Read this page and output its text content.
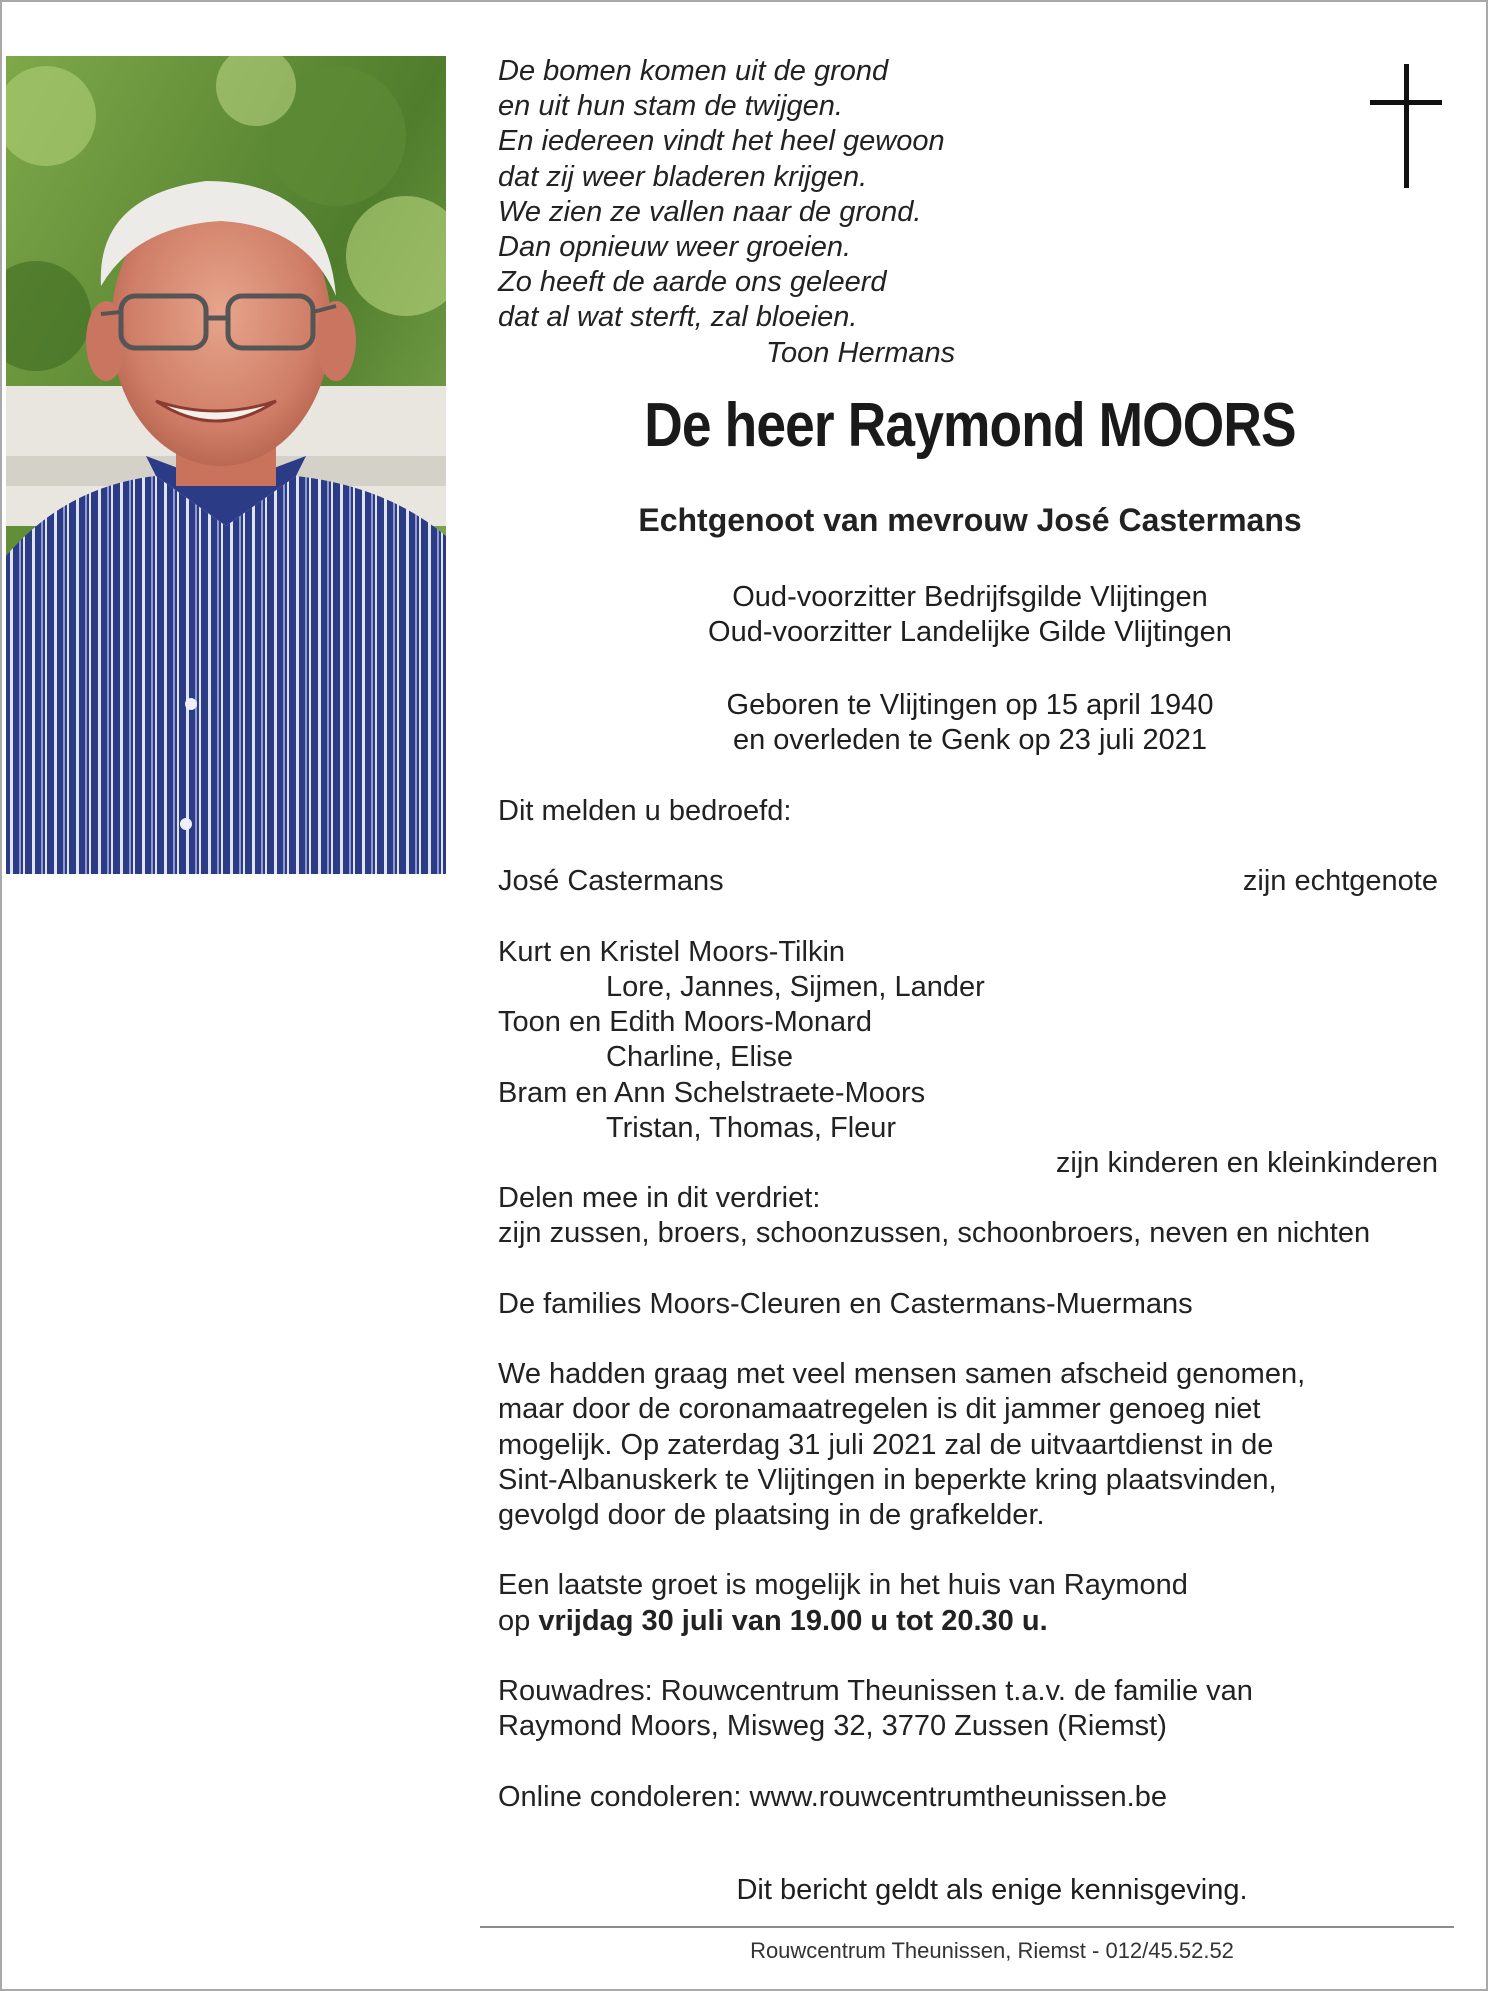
De bomen komen uit de grond
en uit hun stam de twijgen.
En iedereen vindt het heel gewoon
dat zij weer bladeren krijgen.
We zien ze vallen naar de grond.
Dan opnieuw weer groeien.
Zo heeft de aarde ons geleerd
dat al wat sterft, zal bloeien.
Toon Hermans
De heer Raymond MOORS
Echtgenoot van mevrouw José Castermans
Oud-voorzitter Bedrijfsgilde Vlijtingen
Oud-voorzitter Landelijke Gilde Vlijtingen
Geboren te Vlijtingen op 15 april 1940
en overleden te Genk op 23 juli 2021
Dit melden u bedroefd:
José Castermans	zijn echtgenote
Kurt en Kristel Moors-Tilkin
Lore, Jannes, Sijmen, Lander
Toon en Edith Moors-Monard
Charline, Elise
Bram en Ann Schelstraete-Moors
Tristan, Thomas, Fleur
zijn kinderen en kleinkinderen
Delen mee in dit verdriet:
zijn zussen, broers, schoonzussen, schoonbroers, neven en nichten
De families Moors-Cleuren en Castermans-Muermans
We hadden graag met veel mensen samen afscheid genomen,
maar door de coronamaatregelen is dit jammer genoeg niet
mogelijk. Op zaterdag 31 juli 2021 zal de uitvaartdienst in de
Sint-Albanuskerk te Vlijtingen in beperkte kring plaatsvinden,
gevolgd door de plaatsing in de grafkelder.
Een laatste groet is mogelijk in het huis van Raymond
op vrijdag 30 juli van 19.00 u tot 20.30 u.
Rouwadres: Rouwcentrum Theunissen t.a.v. de familie van
Raymond Moors, Misweg 32, 3770 Zussen (Riemst)
Online condoleren: www.rouwcentrumtheunissen.be
Dit bericht geldt als enige kennisgeving.
Rouwcentrum Theunissen, Riemst - 012/45.52.52
